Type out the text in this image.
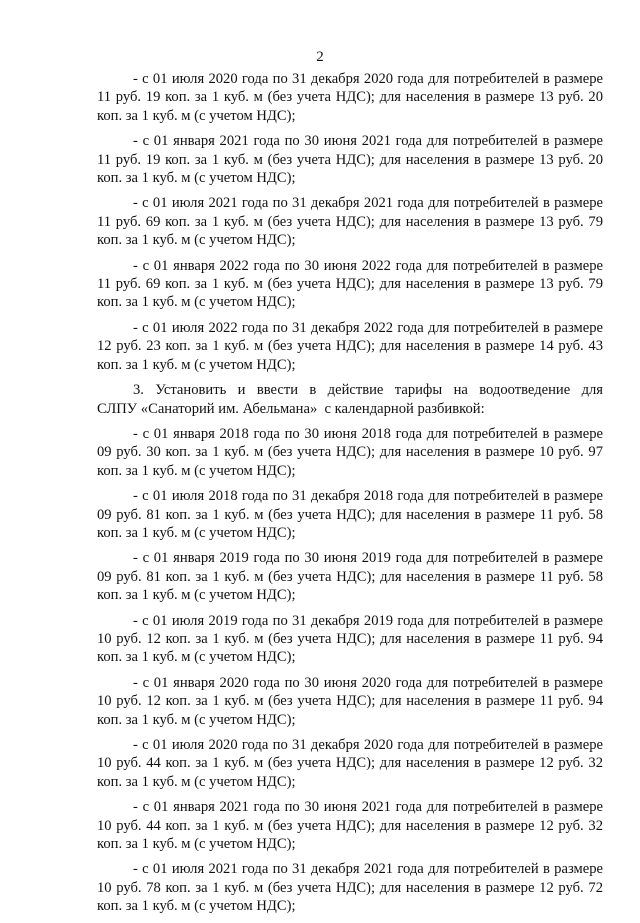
2
- с 01 июля 2020 года по 31 декабря 2020 года для потребителей в размере
11 руб. 19 коп. за 1 куб. м (без учета НДС); для населения в размере 13 руб. 20
коп. за 1 куб. м (с учетом НДС);
- с 01 января 2021 года по 30 июня 2021 года для потребителей в размере
11 руб. 19 коп. за 1 куб. м (без учета НДС); для населения в размере 13 руб. 20
коп. за 1 куб. м (с учетом НДС);
- с 01 июля 2021 года по 31 декабря 2021 года для потребителей в размере
11 руб. 69 коп. за 1 куб. м (без учета НДС); для населения в размере 13 руб. 79
коп. за 1 куб. м (с учетом НДС);
- с 01 января 2022 года по 30 июня 2022 года для потребителей в размере
11 руб. 69 коп. за 1 куб. м (без учета НДС); для населения в размере 13 руб. 79
коп. за 1 куб. м (с учетом НДС);
- с 01 июля 2022 года по 31 декабря 2022 года для потребителей в размере
12 руб. 23 коп. за 1 куб. м (без учета НДС); для населения в размере 14 руб. 43
коп. за 1 куб. м (с учетом НДС);
3. Установить и ввести в действие тарифы на водоотведение для
СЛПУ «Санаторий им. Абельмана»  с календарной разбивкой:
- с 01 января 2018 года по 30 июня 2018 года для потребителей в размере
09 руб. 30 коп. за 1 куб. м (без учета НДС); для населения в размере 10 руб. 97
коп. за 1 куб. м (с учетом НДС);
- с 01 июля 2018 года по 31 декабря 2018 года для потребителей в размере
09 руб. 81 коп. за 1 куб. м (без учета НДС); для населения в размере 11 руб. 58
коп. за 1 куб. м (с учетом НДС);
- с 01 января 2019 года по 30 июня 2019 года для потребителей в размере
09 руб. 81 коп. за 1 куб. м (без учета НДС); для населения в размере 11 руб. 58
коп. за 1 куб. м (с учетом НДС);
- с 01 июля 2019 года по 31 декабря 2019 года для потребителей в размере
10 руб. 12 коп. за 1 куб. м (без учета НДС); для населения в размере 11 руб. 94
коп. за 1 куб. м (с учетом НДС);
- с 01 января 2020 года по 30 июня 2020 года для потребителей в размере
10 руб. 12 коп. за 1 куб. м (без учета НДС); для населения в размере 11 руб. 94
коп. за 1 куб. м (с учетом НДС);
- с 01 июля 2020 года по 31 декабря 2020 года для потребителей в размере
10 руб. 44 коп. за 1 куб. м (без учета НДС); для населения в размере 12 руб. 32
коп. за 1 куб. м (с учетом НДС);
- с 01 января 2021 года по 30 июня 2021 года для потребителей в размере
10 руб. 44 коп. за 1 куб. м (без учета НДС); для населения в размере 12 руб. 32
коп. за 1 куб. м (с учетом НДС);
- с 01 июля 2021 года по 31 декабря 2021 года для потребителей в размере
10 руб. 78 коп. за 1 куб. м (без учета НДС); для населения в размере 12 руб. 72
коп. за 1 куб. м (с учетом НДС);
